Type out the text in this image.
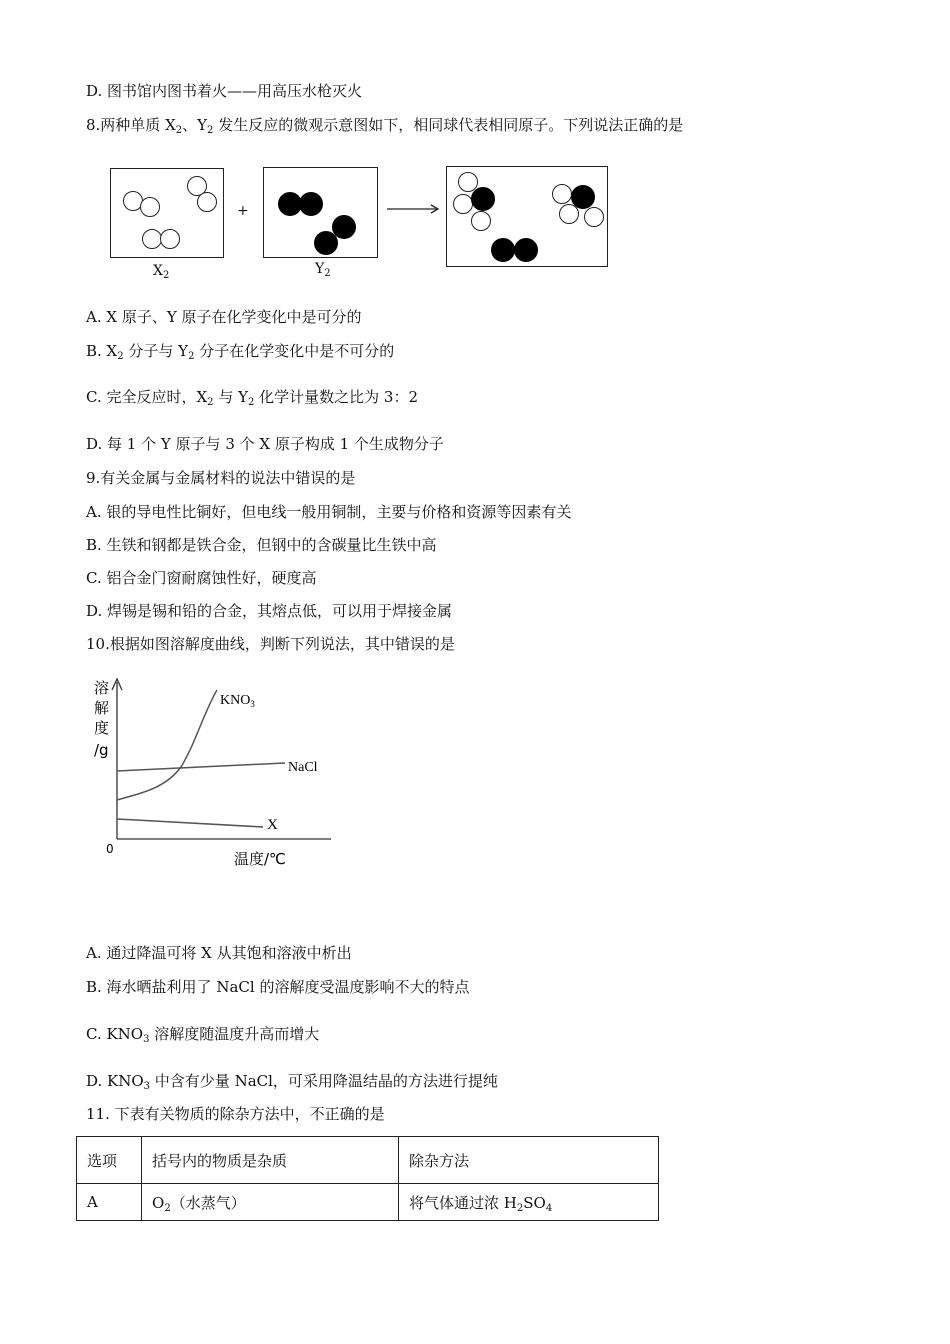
D. 图书馆内图书着火——用高压水枪灭火
8.两种单质 $X_2$、$Y_2$ 发生反应的微观示意图如下，相同球代表相同原子。下列说法正确的是
$X_2$
+
$Y_2$
A. X 原子、Y 原子在化学变化中是可分的
B. $X_2$ 分子与 $Y_2$ 分子在化学变化中是不可分的
C. 完全反应时，$X_2$ 与 $Y_2$ 化学计量数之比为 3：2
D. 每 1 个 Y 原子与 3 个 X 原子构成 1 个生成物分子
9.有关金属与金属材料的说法中错误的是
A. 银的导电性比铜好，但电线一般用铜制，主要与价格和资源等因素有关
B. 生铁和钢都是铁合金，但钢中的含碳量比生铁中高
C. 铝合金门窗耐腐蚀性好，硬度高
D. 焊锡是锡和铅的合金，其熔点低，可以用于焊接金属
10.根据如图溶解度曲线，判断下列说法，其中错误的是
溶
解
度
/g
0
温度/℃
$KNO_3$
NaCl
X
A. 通过降温可将 X 从其饱和溶液中析出
B. 海水晒盐利用了 NaCl 的溶解度受温度影响不大的特点
C. $KNO_3$ 溶解度随温度升高而增大
D. $KNO_3$ 中含有少量 NaCl，可采用降温结晶的方法进行提纯
11. 下表有关物质的除杂方法中，不正确的是
选项	括号内的物质是杂质	除杂方法
A	$O_2$（水蒸气）	将气体通过浓 $H_2SO_4$
